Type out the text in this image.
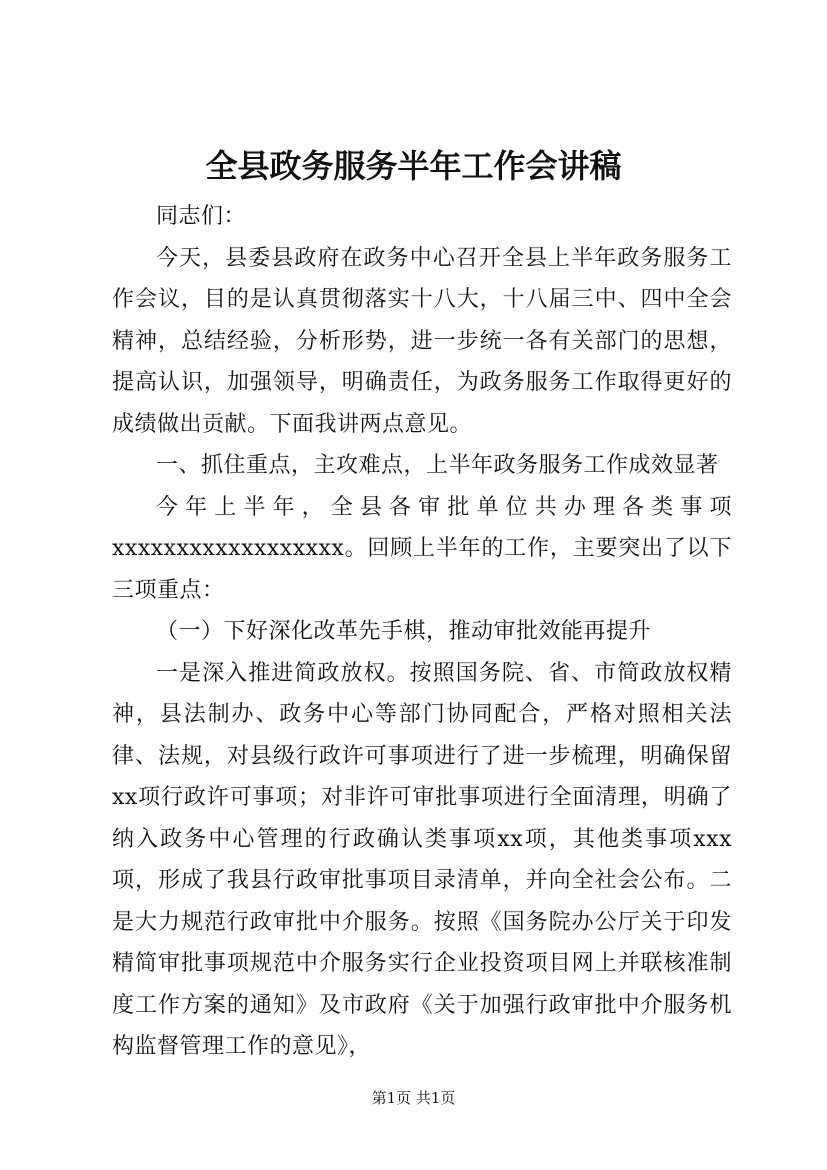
全县政务服务半年工作会讲稿

同志们：

今天，县委县政府在政务中心召开全县上半年政务服务工作会议，目的是认真贯彻落实十八大，十八届三中、四中全会精神，总结经验，分析形势，进一步统一各有关部门的思想，提高认识，加强领导，明确责任，为政务服务工作取得更好的成绩做出贡献。下面我讲两点意见。

一、抓住重点，主攻难点，上半年政务服务工作成效显著

今年上半年，全县各审批单位共办理各类事项

xxxxxxxxxxxxxxxxxx。回顾上半年的工作，主要突出了以下三项重点：

（一）下好深化改革先手棋，推动审批效能再提升

一是深入推进简政放权。按照国务院、省、市简政放权精神，县法制办、政务中心等部门协同配合，严格对照相关法律、法规，对县级行政许可事项进行了进一步梳理，明确保留xx项行政许可事项；对非许可审批事项进行全面清理，明确了纳入政务中心管理的行政确认类事项xx项，其他类事项xxx项，形成了我县行政审批事项目录清单，并向全社会公布。二是大力规范行政审批中介服务。按照《国务院办公厅关于印发精简审批事项规范中介服务实行企业投资项目网上并联核准制度工作方案的通知》及市政府《关于加强行政审批中介服务机构监督管理工作的意见》，

第1页 共1页
